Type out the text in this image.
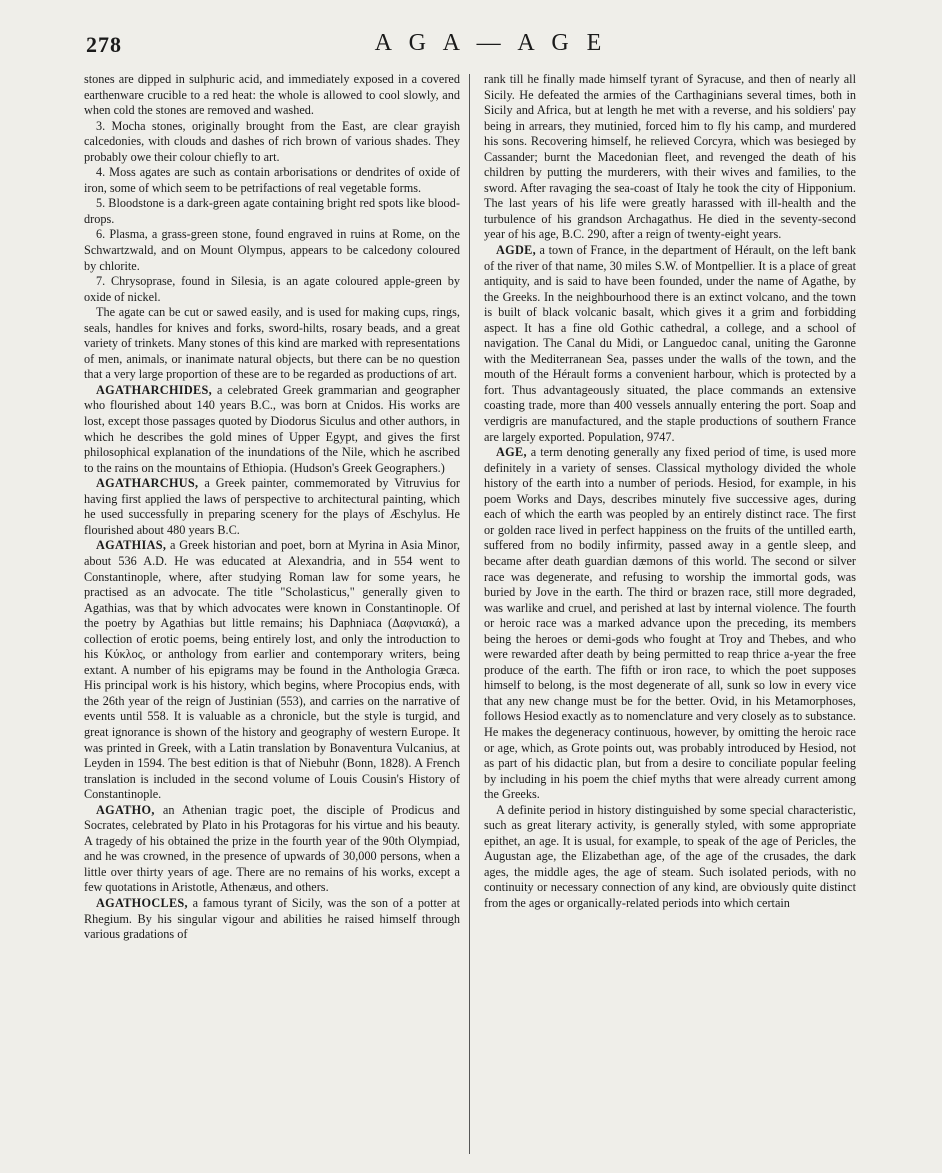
278	A G A — A G E

stones are dipped in sulphuric acid, and immediately exposed in a covered earthenware crucible to a red heat: the whole is allowed to cool slowly, and when cold the stones are removed and washed.

3. Mocha stones, originally brought from the East, are clear grayish calcedonies, with clouds and dashes of rich brown of various shades. They probably owe their colour chiefly to art.

4. Moss agates are such as contain arborisations or dendrites of oxide of iron, some of which seem to be petrifactions of real vegetable forms.

5. Bloodstone is a dark-green agate containing bright red spots like blood-drops.

6. Plasma, a grass-green stone, found engraved in ruins at Rome, on the Schwartzwald, and on Mount Olympus, appears to be calcedony coloured by chlorite.

7. Chrysoprase, found in Silesia, is an agate coloured apple-green by oxide of nickel.

The agate can be cut or sawed easily, and is used for making cups, rings, seals, handles for knives and forks, sword-hilts, rosary beads, and a great variety of trinkets. Many stones of this kind are marked with representations of men, animals, or inanimate natural objects, but there can be no question that a very large proportion of these are to be regarded as productions of art.

AGATHARCHIDES, a celebrated Greek grammarian and geographer who flourished about 140 years B.C., was born at Cnidos. His works are lost, except those passages quoted by Diodorus Siculus and other authors, in which he describes the gold mines of Upper Egypt, and gives the first philosophical explanation of the inundations of the Nile, which he ascribed to the rains on the mountains of Ethiopia. (Hudson's Greek Geographers.)

AGATHARCHUS, a Greek painter, commemorated by Vitruvius for having first applied the laws of perspective to architectural painting, which he used successfully in preparing scenery for the plays of Æschylus. He flourished about 480 years B.C.

AGATHIAS, a Greek historian and poet, born at Myrina in Asia Minor, about 536 A.D. He was educated at Alexandria, and in 554 went to Constantinople, where, after studying Roman law for some years, he practised as an advocate. The title "Scholasticus," generally given to Agathias, was that by which advocates were known in Constantinople. Of the poetry by Agathias but little remains; his Daphniaca (Δαφνιακά), a collection of erotic poems, being entirely lost, and only the introduction to his Κύκλος, or anthology from earlier and contemporary writers, being extant. A number of his epigrams may be found in the Anthologia Græca. His principal work is his history, which begins, where Procopius ends, with the 26th year of the reign of Justinian (553), and carries on the narrative of events until 558. It is valuable as a chronicle, but the style is turgid, and great ignorance is shown of the history and geography of western Europe. It was printed in Greek, with a Latin translation by Bonaventura Vulcanius, at Leyden in 1594. The best edition is that of Niebuhr (Bonn, 1828). A French translation is included in the second volume of Louis Cousin's History of Constantinople.

AGATHO, an Athenian tragic poet, the disciple of Prodicus and Socrates, celebrated by Plato in his Protagoras for his virtue and his beauty. A tragedy of his obtained the prize in the fourth year of the 90th Olympiad, and he was crowned, in the presence of upwards of 30,000 persons, when a little over thirty years of age. There are no remains of his works, except a few quotations in Aristotle, Athenæus, and others.

AGATHOCLES, a famous tyrant of Sicily, was the son of a potter at Rhegium. By his singular vigour and abilities he raised himself through various gradations of

rank till he finally made himself tyrant of Syracuse, and then of nearly all Sicily. He defeated the armies of the Carthaginians several times, both in Sicily and Africa, but at length he met with a reverse, and his soldiers' pay being in arrears, they mutinied, forced him to fly his camp, and murdered his sons. Recovering himself, he relieved Corcyra, which was besieged by Cassander; burnt the Macedonian fleet, and revenged the death of his children by putting the murderers, with their wives and families, to the sword. After ravaging the sea-coast of Italy he took the city of Hipponium. The last years of his life were greatly harassed with ill-health and the turbulence of his grandson Archagathus. He died in the seventy-second year of his age, B.C. 290, after a reign of twenty-eight years.

AGDE, a town of France, in the department of Hérault, on the left bank of the river of that name, 30 miles S.W. of Montpellier. It is a place of great antiquity, and is said to have been founded, under the name of Agathe, by the Greeks. In the neighbourhood there is an extinct volcano, and the town is built of black volcanic basalt, which gives it a grim and forbidding aspect. It has a fine old Gothic cathedral, a college, and a school of navigation. The Canal du Midi, or Languedoc canal, uniting the Garonne with the Mediterranean Sea, passes under the walls of the town, and the mouth of the Hérault forms a convenient harbour, which is protected by a fort. Thus advantageously situated, the place commands an extensive coasting trade, more than 400 vessels annually entering the port. Soap and verdigris are manufactured, and the staple productions of southern France are largely exported. Population, 9747.

AGE, a term denoting generally any fixed period of time, is used more definitely in a variety of senses. Classical mythology divided the whole history of the earth into a number of periods. Hesiod, for example, in his poem Works and Days, describes minutely five successive ages, during each of which the earth was peopled by an entirely distinct race. The first or golden race lived in perfect happiness on the fruits of the untilled earth, suffered from no bodily infirmity, passed away in a gentle sleep, and became after death guardian dæmons of this world. The second or silver race was degenerate, and refusing to worship the immortal gods, was buried by Jove in the earth. The third or brazen race, still more degraded, was warlike and cruel, and perished at last by internal violence. The fourth or heroic race was a marked advance upon the preceding, its members being the heroes or demi-gods who fought at Troy and Thebes, and who were rewarded after death by being permitted to reap thrice a-year the free produce of the earth. The fifth or iron race, to which the poet supposes himself to belong, is the most degenerate of all, sunk so low in every vice that any new change must be for the better. Ovid, in his Metamorphoses, follows Hesiod exactly as to nomenclature and very closely as to substance. He makes the degeneracy continuous, however, by omitting the heroic race or age, which, as Grote points out, was probably introduced by Hesiod, not as part of his didactic plan, but from a desire to conciliate popular feeling by including in his poem the chief myths that were already current among the Greeks.

A definite period in history distinguished by some special characteristic, such as great literary activity, is generally styled, with some appropriate epithet, an age. It is usual, for example, to speak of the age of Pericles, the Augustan age, the Elizabethan age, of the age of the crusades, the dark ages, the middle ages, the age of steam. Such isolated periods, with no continuity or necessary connection of any kind, are obviously quite distinct from the ages or organically-related periods into which certain
